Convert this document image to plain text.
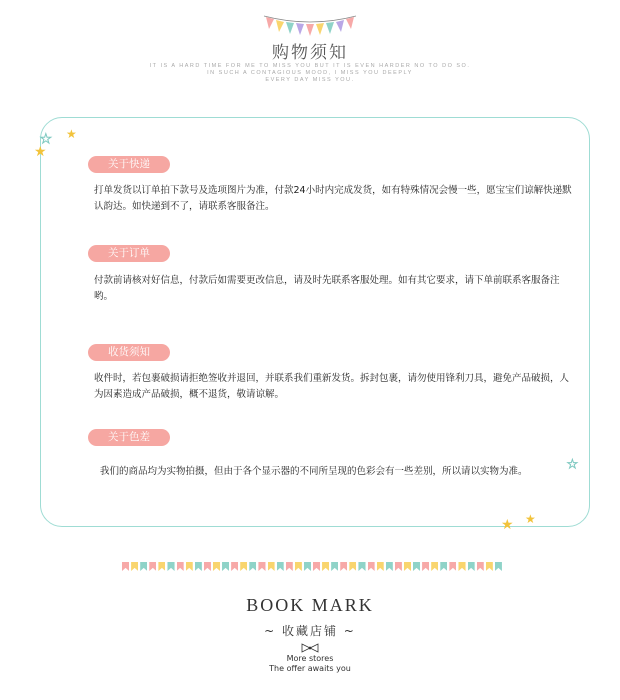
购物须知
IT IS A HARD TIME FOR ME TO MISS YOU BUT IT IS EVEN HARDER NO TO DO SO.
IN SUCH A CONTAGIOUS MOOD, I MISS YOU DEEPLY
EVERY DAY MISS YOU.
★ ★
★
★
★ ★
关于快递
打单发货以订单拍下款号及选项图片为准，付款24小时内完成发货，如有特殊情况会慢一些，愿宝宝们谅解快递默认韵达。如快递到不了，请联系客服备注。
关于订单
付款前请核对好信息，付款后如需要更改信息，请及时先联系客服处理。如有其它要求，请下单前联系客服备注哟。
收货须知
收件时，若包裹破损请拒绝签收并退回，并联系我们重新发货。拆封包裹，请勿使用锋利刀具，避免产品破损，人为因素造成产品破损，概不退货，敬请谅解。
关于色差
我们的商品均为实物拍摄，但由于各个显示器的不同所呈现的色彩会有一些差别，所以请以实物为准。
BOOK MARK
~ 收藏店铺 ~
More stores
The offer awaits you
